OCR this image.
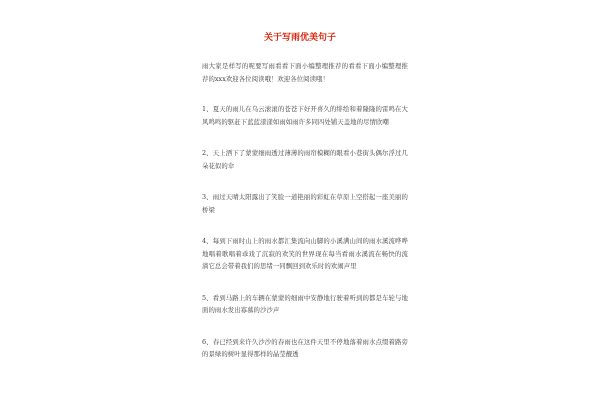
关于写雨优美句子

雨大家是样写的呢要写雨看看下面小编整理推荐的看看下面小编整理推荐的xxx欢迎各位阅读哦！欢迎各位阅读哦！

1、夏天的雨儿在乌云滚滚的苍苍下好开喜久的绯绘和着隆隆的雷鸣在大风鸣鸣的驱赶下蓝蓝漾漾如雨如雨许多同四处铺天盖地的尽情欣嘲

2、天上洒下了蒙蒙细雨透过薄薄的雨帘模糊的眼看小巷街头偶尔浮过几朵花似的伞

3、雨过天晴太阳露出了笑脸一道艳丽的彩虹在草原上空搭起一座美丽的桥梁

4、每到下雨时山上的雨水都汇集流向山脚的小溪满山间的雨水溪流哗哗地唱着歌唱着乖戏了沉寂的欢笑的世界现在每当看雨水溪流在畅快的流淌它总会带着我们的思绪一同飘回到欢乐时的欢闹声里

5、看到马路上的车辆在蒙蒙的细雨中安静地行驶着听到的都是车轮与地面的雨水发出寡慕的沙沙声

6、春已经到来许久沙沙的春雨也在这件天里不停地落着雨水点缀着路旁的景绿的树叶显得那样的晶莹靓透
